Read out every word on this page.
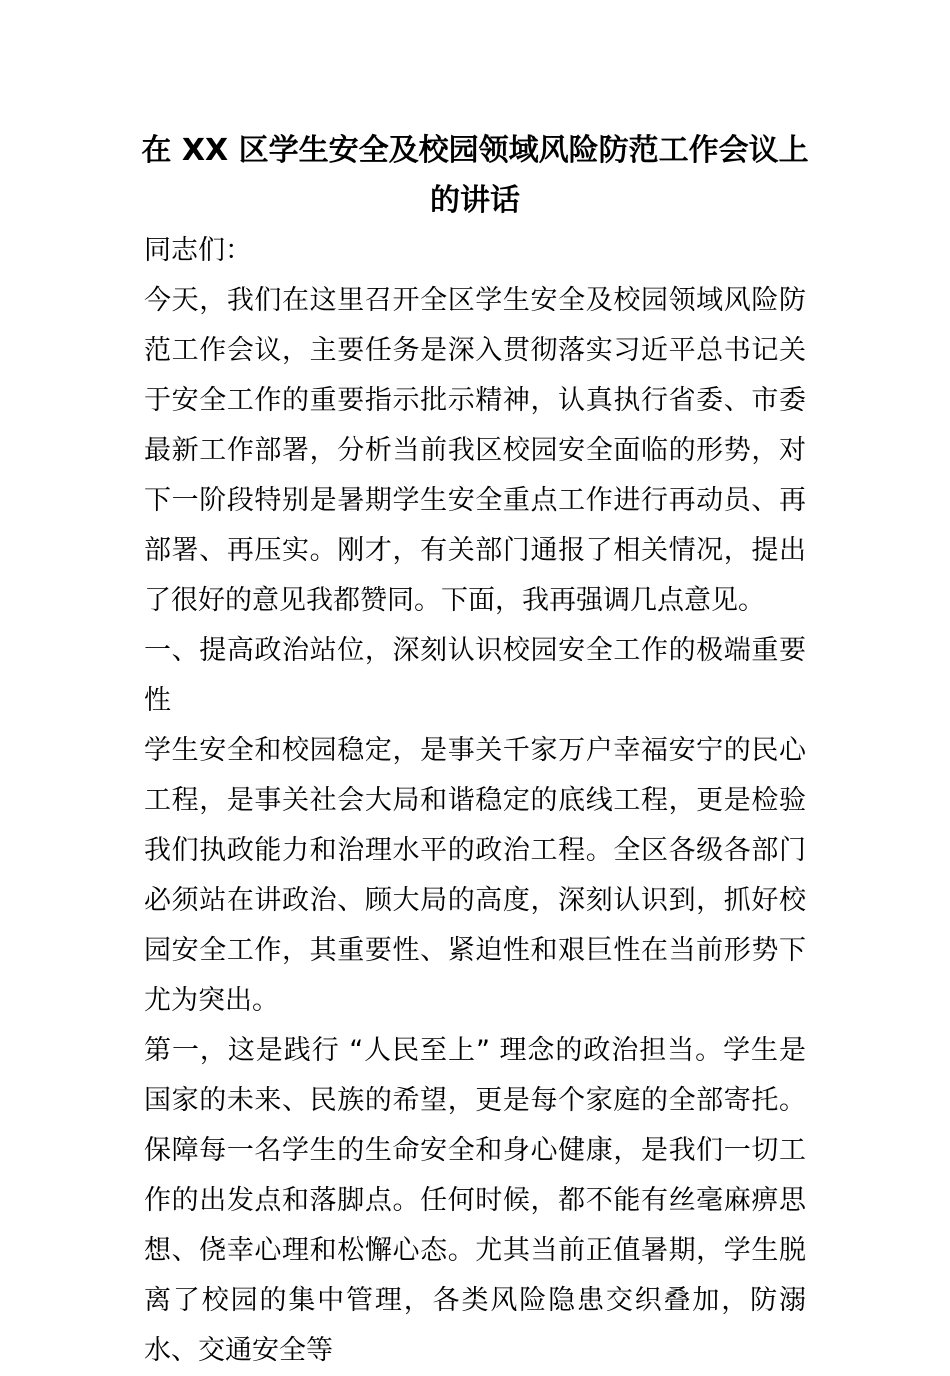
在 XX 区学生安全及校园领域风险防范工作会议上的讲话

同志们：

今天，我们在这里召开全区学生安全及校园领域风险防范工作会议，主要任务是深入贯彻落实习近平总书记关于安全工作的重要指示批示精神，认真执行省委、市委最新工作部署，分析当前我区校园安全面临的形势，对下一阶段特别是暑期学生安全重点工作进行再动员、再部署、再压实。刚才，有关部门通报了相关情况，提出了很好的意见我都赞同。下面，我再强调几点意见。

一、提高政治站位，深刻认识校园安全工作的极端重要性

学生安全和校园稳定，是事关千家万户幸福安宁的民心工程，是事关社会大局和谐稳定的底线工程，更是检验我们执政能力和治理水平的政治工程。全区各级各部门必须站在讲政治、顾大局的高度，深刻认识到，抓好校园安全工作，其重要性、紧迫性和艰巨性在当前形势下尤为突出。

第一，这是践行 “人民至上” 理念的政治担当。学生是国家的未来、民族的希望，更是每个家庭的全部寄托。保障每一名学生的生命安全和身心健康，是我们一切工作的出发点和落脚点。任何时候，都不能有丝毫麻痹思想、侥幸心理和松懈心态。尤其当前正值暑期，学生脱离了校园的集中管理，各类风险隐患交织叠加，防溺水、交通安全等
